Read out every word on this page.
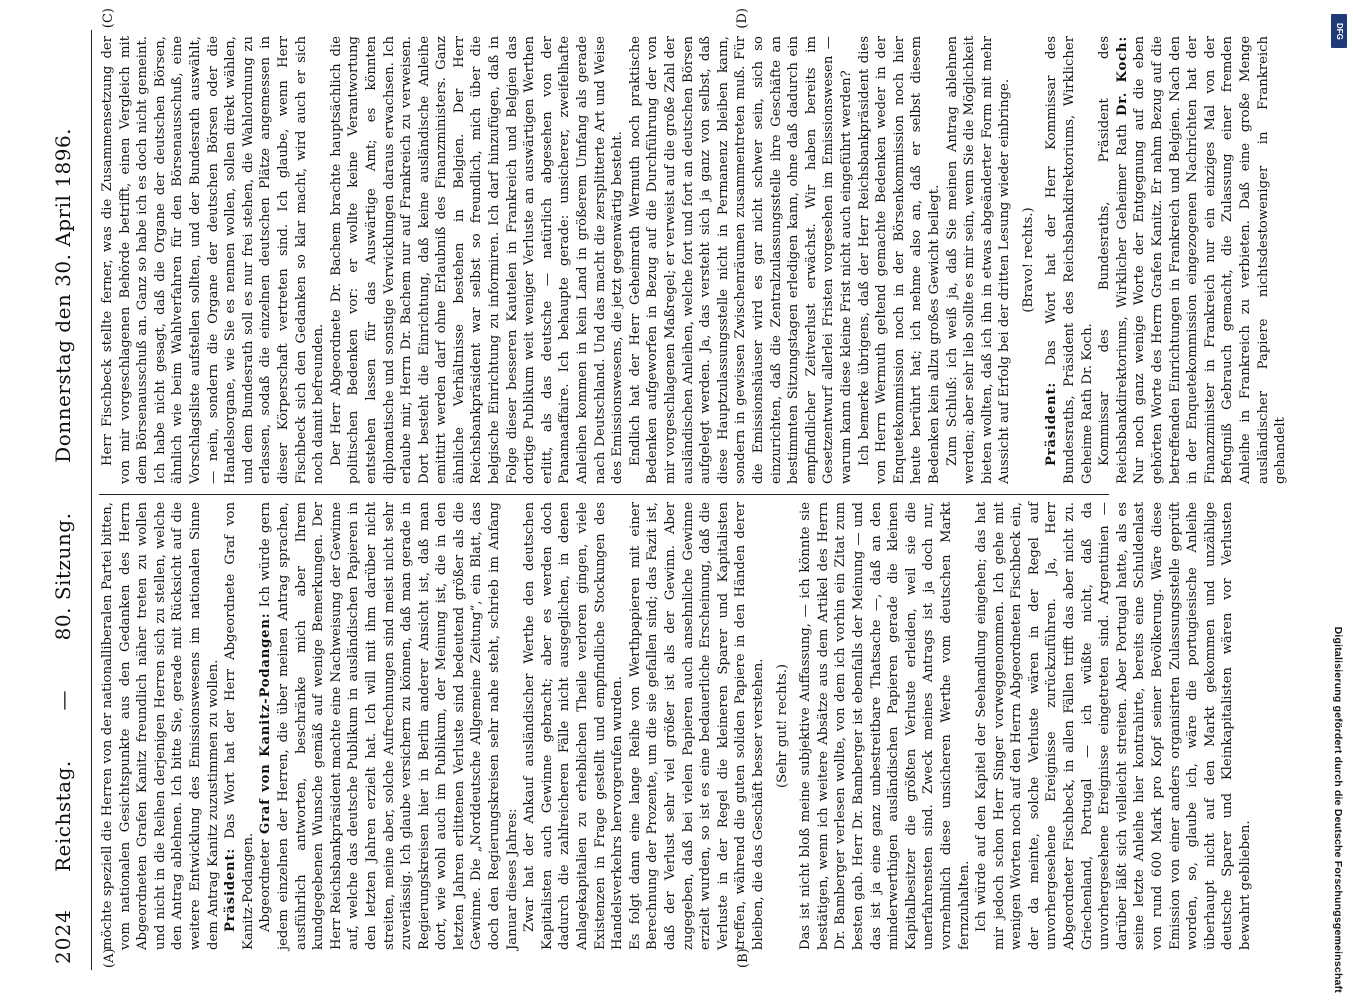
2024
Reichstag.  —  80. Sitzung.  Donnerstag den 30. April 1896.

möchte speziell die Herren von der nationalliberalen Partei bitten, vom nationalen Gesichtspunkte aus den Gedanken des Herrn Abgeordneten Grafen Kanitz freundlich näher treten zu wollen und nicht in die Reihen derjenigen Herren sich zu stellen, welche den Antrag ablehnen. Ich bitte Sie, gerade mit Rücksicht auf die weitere Entwicklung des Emissionswesens im nationalen Sinne dem Antrag Kanitz zuzustimmen zu wollen. Präsident: Das Wort hat der Herr Abgeordnete Graf von Kanitz-Podangen. Abgeordneter Graf von Kanitz-Podangen: Ich würde gern jedem einzelnen der Herren, die über meinen Antrag sprachen, ausführlich antworten, beschränke mich aber Ihrem kundgegebenen Wunsche gemäß auf wenige Bemerkungen. Der Herr Reichsbankpräsident machte eine Nachweisung der Gewinne auf, welche das deutsche Publikum in ausländischen Papieren in den letzten Jahren erzielt hat. Ich will mit ihm darüber nicht streiten, meine aber, solche Aufrechnungen sind meist nicht sehr zuverlässig. Ich glaube versichern zu können, daß man gerade in Regierungskreisen hier in Berlin anderer Ansicht ist, daß man dort, wie wohl auch im Publikum, der Meinung ist, die in den letzten Jahren erlittenen Verluste sind bedeutend größer als die Gewinne. Die „Norddeutsche Allgemeine Zeitung“, ein Blatt, das doch den Regierungskreisen sehr nahe steht, schrieb im Anfang Januar dieses Jahres: Zwar hat der Ankauf ausländischer Werthe den deutschen Kapitalisten auch Gewinne gebracht; aber es werden doch dadurch die zahlreicheren Fälle nicht ausgeglichen, in denen Anlagekapitalien zu erheblichen Theile verloren gingen, viele Existenzen in Frage gestellt und empfindliche Stockungen des Handelsverkehrs hervorgerufen wurden. Es folgt dann eine lange Reihe von Werthpapieren mit einer Berechnung der Prozente, um die sie gefallen sind; das Fazit ist, daß der Verlust sehr viel größer ist als der Gewinn. Aber zugegeben, daß bei vielen Papieren auch ansehnliche Gewinne erzielt wurden, so ist es eine bedauerliche Erscheinung, daß die Verluste in der Regel die kleineren Sparer und Kapitalisten treffen, während die guten soliden Papiere in den Händen derer bleiben, die das Geschäft besser verstehen. (Sehr gut! rechts.) Das ist nicht bloß meine subjektive Auffassung, — ich könnte sie bestätigen, wenn ich weitere Absätze aus dem Artikel des Herrn Dr. Bamberger verlesen wollte, von dem ich vorhin ein Zitat zum besten gab. Herr Dr. Bamberger ist ebenfalls der Meinung — und das ist ja eine ganz unbestreitbare Thatsache —, daß an den minderwerthigen ausländischen Papieren gerade die kleinen Kapitalbesitzer die größten Verluste erleiden, weil sie die unerfahrensten sind. Zweck meines Antrags ist ja doch nur, vornehmlich diese unsicheren Werthe vom deutschen Markt fernzuhalten. Ich würde auf den Kapitel der Seehandlung eingehen; das hat mir jedoch schon Herr Singer vorweggenommen. Ich gehe mit wenigen Worten noch auf den Herrn Abgeordneten Fischbeck ein, der da meinte, solche Verluste wären in der Regel auf unvorhergesehene Ereignisse zurückzuführen. Ja, Herr Abgeordneter Fischbeck, in allen Fällen trifft das aber nicht zu. Griechenland, Portugal — ich wüßte nicht, daß da unvorhergesehene Ereignisse eingetreten sind. Argentinien — darüber läßt sich vielleicht streiten. Aber Portugal hatte, als es seine letzte Anleihe hier kontrahirte, bereits eine Schuldenlast von rund 600 Mark pro Kopf seiner Bevölkerung. Wäre diese Emission von einer anders organisirten Zulassungsstelle geprüft worden, so, glaube ich, wäre die portugiesische Anleihe überhaupt nicht auf den Markt gekommen und unzählige deutsche Sparer und Kleinkapitalisten wären vor Verlusten bewahrt geblieben.

(A)	(B)

Herr Fischbeck stellte ferner, was die Zusammensetzung der von mir vorgeschlagenen Behörde betrifft, einen Vergleich mit dem Börsenausschuß an. Ganz so habe ich es doch nicht gemeint. Ich habe nicht gesagt, daß die Organe der deutschen Börsen, ähnlich wie beim Wahlverfahren für den Börsenausschuß, eine Vorschlagsliste aufstellen sollten, und der Bundesrath auswählt, — nein, sondern die Organe der deutschen Börsen oder die Handelsorgane, wie Sie es nennen wollen, sollen direkt wählen, und dem Bundesrath soll es nur frei stehen, die Wahlordnung zu erlassen, sodaß die einzelnen deutschen Plätze angemessen in dieser Körperschaft vertreten sind. Ich glaube, wenn Herr Fischbeck sich den Gedanken so klar macht, wird auch er sich noch damit befreunden. Der Herr Abgeordnete Dr. Bachem brachte hauptsächlich die politischen Bedenken vor: er wollte keine Verantwortung entstehen lassen für das Auswärtige Amt; es könnten diplomatische und sonstige Verwicklungen daraus erwachsen. Ich erlaube mir, Herrn Dr. Bachem nur auf Frankreich zu verweisen. Dort besteht die Einrichtung, daß keine ausländische Anleihe emittirt werden darf ohne Erlaubniß des Finanzministers. Ganz ähnliche Verhältnisse bestehen in Belgien. Der Herr Reichsbankpräsident war selbst so freundlich, mich über die belgische Einrichtung zu informiren. Ich darf hinzufügen, daß in Folge dieser besseren Kautelen in Frankreich und Belgien das dortige Publikum weit weniger Verluste an auswärtigen Werthen erlitt, als das deutsche — natürlich abgesehen von der Panamaaffaire. Ich behaupte gerade: unsicherer, zweifelhafte Anleihen kommen in kein Land in größerem Umfang als gerade nach Deutschland. Und das macht die zersplitterte Art und Weise des Emissionswesens, die jetzt gegenwärtig besteht. Endlich hat der Herr Geheimrath Wermuth noch praktische Bedenken aufgeworfen in Bezug auf die Durchführung der von mir vorgeschlagenen Maßregel; er verweist auf die große Zahl der ausländischen Anleihen, welche fort und fort an deutschen Börsen aufgelegt werden. Ja, das versteht sich ja ganz von selbst, daß diese Hauptzulassungsstelle nicht in Permanenz bleiben kann, sondern in gewissen Zwischenräumen zusammentreten muß. Für die Emissionshäuser wird es gar nicht schwer sein, sich so einzurichten, daß die Zentralzulassungsstelle ihre Geschäfte an bestimmten Sitzungstagen erledigen kann, ohne daß dadurch ein empfindlicher Zeitverlust erwächst. Wir haben bereits im Gesetzentwurf allerlei Fristen vorgesehen im Emissionswesen — warum kann diese kleine Frist nicht auch eingeführt werden? Ich bemerke übrigens, daß der Herr Reichsbankpräsident dies von Herrn Wermuth geltend gemachte Bedenken weder in der Enquetekommission noch in der Börsenkommission noch hier heute berührt hat; ich nehme also an, daß er selbst diesem Bedenken kein allzu großes Gewicht beilegt. Zum Schluß: ich weiß ja, daß Sie meinen Antrag ablehnen werden; aber sehr lieb sollte es mir sein, wenn Sie die Möglichkeit bieten wollten, daß ich ihn in etwas abgeänderter Form mit mehr Aussicht auf Erfolg bei der dritten Lesung wieder einbringe. (Bravo! rechts.)

Präsident: Das Wort hat der Herr Kommissar des Bundesraths, Präsident des Reichsbankdirektoriums, Wirklicher Geheime Rath Dr. Koch. Kommissar des Bundesraths, Präsident des Reichsbankdirektoriums, Wirklicher Geheimer Rath Dr. Koch: Nur noch ganz wenige Worte der Entgegnung auf die eben gehörten Worte des Herrn Grafen Kanitz. Er nahm Bezug auf die betreffenden Einrichtungen in Frankreich und Belgien. Nach den in der Enquetekommission eingezogenen Nachrichten hat der Finanzminister in Frankreich nur ein einziges Mal von der Befugniß Gebrauch gemacht, die Zulassung einer fremden Anleihe in Frankreich zu verbieten. Daß eine große Menge ausländischer Papiere nichtsdestoweniger in Frankreich gehandelt

(C)	(D)
DFG
Digitalisierung gefördert durch die Deutsche Forschungsgemeinschaft
